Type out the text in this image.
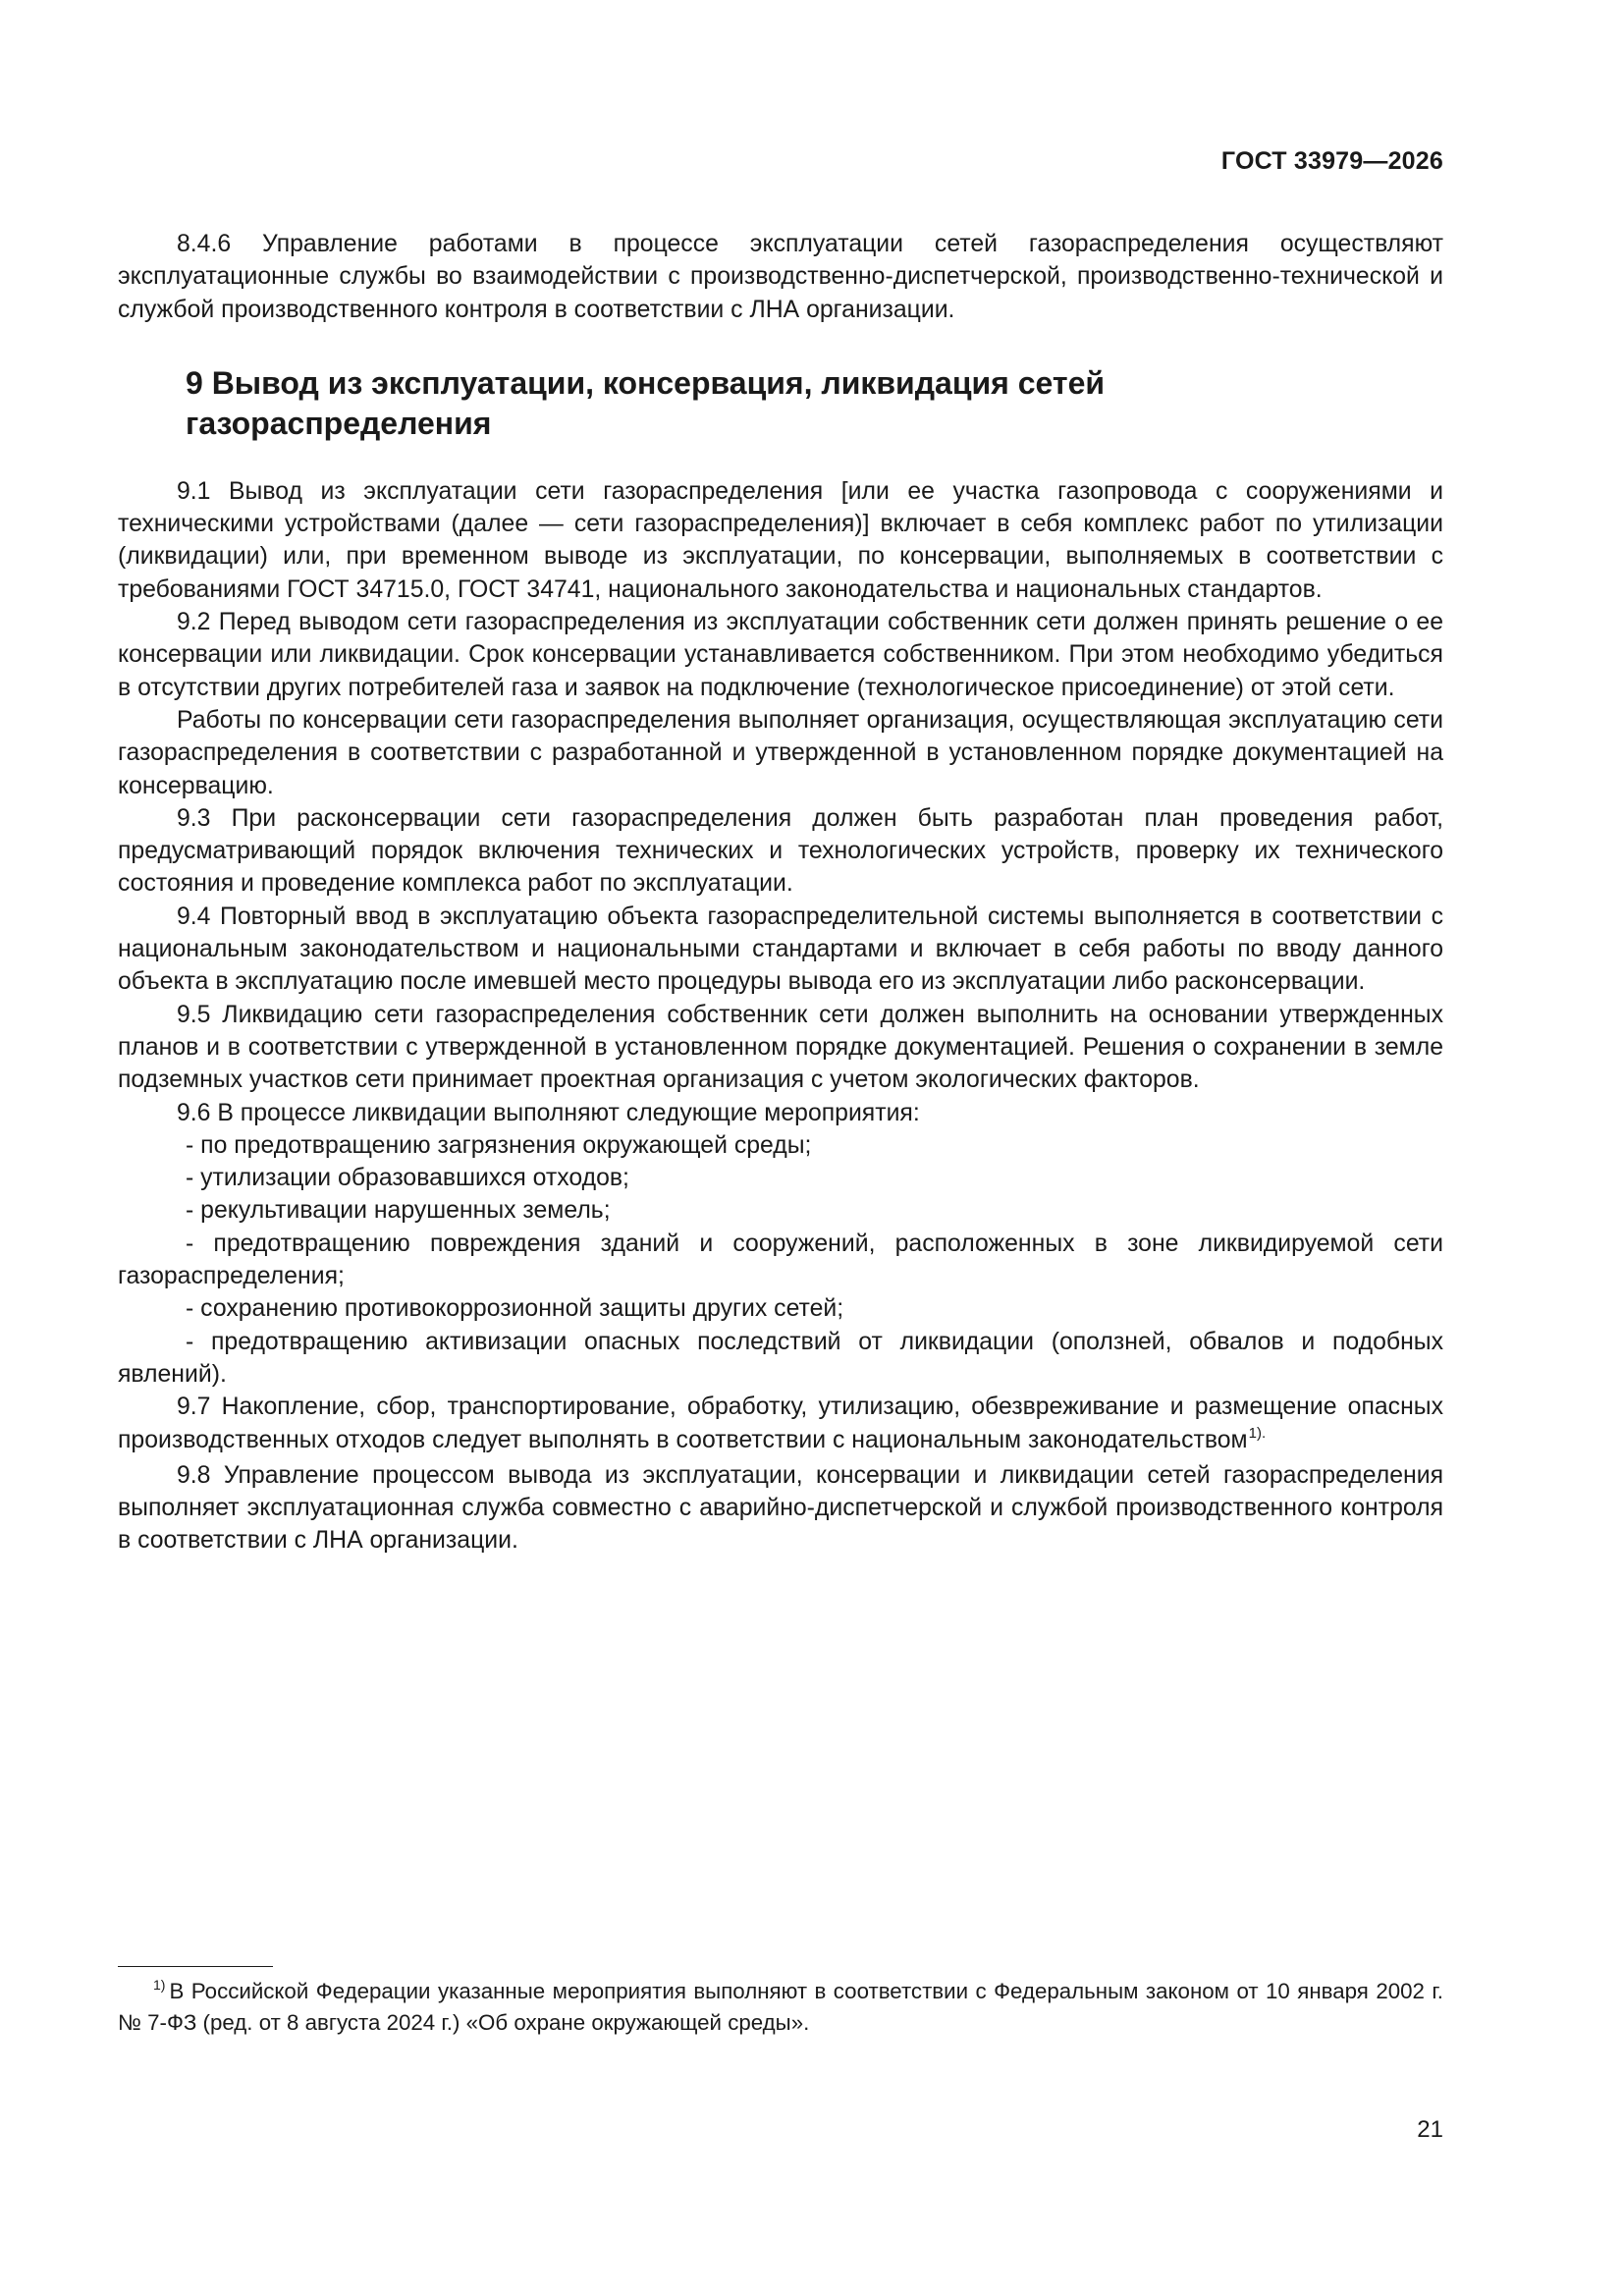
ГОСТ 33979—2026

8.4.6 Управление работами в процессе эксплуатации сетей газораспределения осуществляют эксплуатационные службы во взаимодействии с производственно-диспетчерской, производственно-технической и службой производственного контроля в соответствии с ЛНА организации.

9 Вывод из эксплуатации, консервация, ликвидация сетей
газораспределения

9.1 Вывод из эксплуатации сети газораспределения [или ее участка газопровода с сооружениями и техническими устройствами (далее — сети газораспределения)] включает в себя комплекс работ по утилизации (ликвидации) или, при временном выводе из эксплуатации, по консервации, выполняемых в соответствии с требованиями ГОСТ 34715.0, ГОСТ 34741, национального законодательства и национальных стандартов.

9.2 Перед выводом сети газораспределения из эксплуатации собственник сети должен принять решение о ее консервации или ликвидации. Срок консервации устанавливается собственником. При этом необходимо убедиться в отсутствии других потребителей газа и заявок на подключение (технологическое присоединение) от этой сети.

Работы по консервации сети газораспределения выполняет организация, осуществляющая эксплуатацию сети газораспределения в соответствии с разработанной и утвержденной в установленном порядке документацией на консервацию.

9.3 При расконсервации сети газораспределения должен быть разработан план проведения работ, предусматривающий порядок включения технических и технологических устройств, проверку их технического состояния и проведение комплекса работ по эксплуатации.

9.4 Повторный ввод в эксплуатацию объекта газораспределительной системы выполняется в соответствии с национальным законодательством и национальными стандартами и включает в себя работы по вводу данного объекта в эксплуатацию после имевшей место процедуры вывода его из эксплуатации либо расконсервации.

9.5 Ликвидацию сети газораспределения собственник сети должен выполнить на основании утвержденных планов и в соответствии с утвержденной в установленном порядке документацией. Решения о сохранении в земле подземных участков сети принимает проектная организация с учетом экологических факторов.

9.6 В процессе ликвидации выполняют следующие мероприятия:

- по предотвращению загрязнения окружающей среды;

- утилизации образовавшихся отходов;

- рекультивации нарушенных земель;

- предотвращению повреждения зданий и сооружений, расположенных в зоне ликвидируемой сети газораспределения;

- сохранению противокоррозионной защиты других сетей;

- предотвращению активизации опасных последствий от ликвидации (оползней, обвалов и подобных явлений).

9.7 Накопление, сбор, транспортирование, обработку, утилизацию, обезвреживание и размещение опасных производственных отходов следует выполнять в соответствии с национальным законодательством$^{1).}$

9.8 Управление процессом вывода из эксплуатации, консервации и ликвидации сетей газораспределения выполняет эксплуатационная служба совместно с аварийно-диспетчерской и службой производственного контроля в соответствии с ЛНА организации.

$^{1)}$ В Российской Федерации указанные мероприятия выполняют в соответствии с Федеральным законом от 10 января 2002 г. № 7-ФЗ (ред. от 8 августа 2024 г.) «Об охране окружающей среды».

21
